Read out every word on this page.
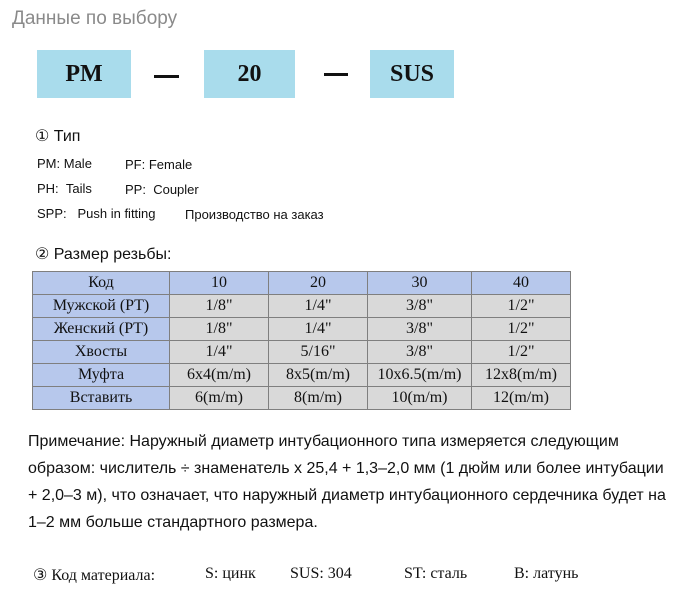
Данные по выбору
PM	20	SUS
① Тип
PM: Male	PF: Female
PH: Tails	PP: Coupler
SPP: Push in fitting Производство на заказ
② Размер резьбы:
Код	10	20	30	40
Мужской (PT)	1/8"	1/4"	3/8"	1/2"
Женский (PT)	1/8"	1/4"	3/8"	1/2"
Хвосты	1/4"	5/16"	3/8"	1/2"
Муфта	6x4(m/m)	8x5(m/m)	10x6.5(m/m)	12x8(m/m)
Вставить	6(m/m)	8(m/m)	10(m/m)	12(m/m)
Примечание: Наружный диаметр интубационного типа измеряется следующим образом: числитель ÷ знаменатель x 25,4 + 1,3–2,0 мм (1 дюйм или более интубации + 2,0–3 м), что означает, что наружный диаметр интубационного сердечника будет на 1–2 мм больше стандартного размера.
③ Код материала:	S: цинк SUS: 304	ST: сталь	B: латунь
